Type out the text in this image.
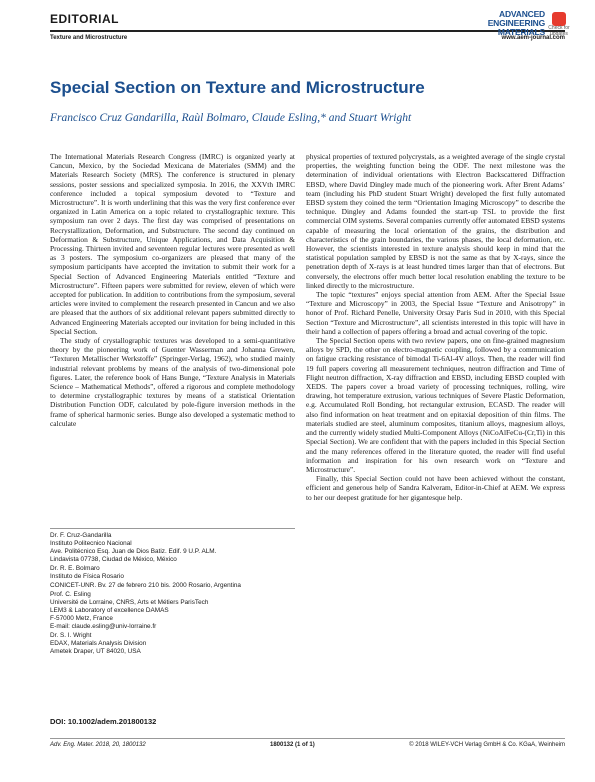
EDITORIAL
Texture and Microstructure	www.aem-journal.com
ADVANCED
ENGINEERING
MATERIALS Check for
updates
Special Section on Texture and Microstructure
Francisco Cruz Gandarilla, Raùl Bolmaro, Claude Esling,* and Stuart Wright

The International Materials Research Congress (IMRC) is organized yearly at Cancun, Mexico, by the Sociedad Mexicana de Materiales (SMM) and the Materials Research Society (MRS). The conference is structured in plenary sessions, poster sessions and specialized symposia. In 2016, the XXVth IMRC conference included a topical symposium devoted to “Texture and Microstructure”. It is worth underlining that this was the very first conference ever organized in Latin America on a topic related to crystallographic texture. This symposium ran over 2 days. The first day was comprised of presentations on Recrystallization, Deformation, and Substructure. The second day continued on Deformation & Substructure, Unique Applications, and Data Acquisition & Processing. Thirteen invited and seventeen regular lectures were presented as well as 3 posters. The symposium co-organizers are pleased that many of the symposium participants have accepted the invitation to submit their work for a Special Section of Advanced Engineering Materials entitled “Texture and Microstructure”. Fifteen papers were submitted for review, eleven of which were accepted for publication. In addition to contributions from the symposium, several articles were invited to complement the research presented in Cancun and we also are pleased that the authors of six additional relevant papers submitted directly to Advanced Engineering Materials accepted our invitation for being included in this Special Section.

The study of crystallographic textures was developed to a semi-quantitative theory by the pioneering work of Guenter Wasserman and Johanna Grewen, “Texturen Metallischer Werkstoffe” (Springer-Verlag, 1962), who studied mainly industrial relevant problems by means of the analysis of two-dimensional pole figures. Later, the reference book of Hans Bunge, “Texture Analysis in Materials Science – Mathematical Methods”, offered a rigorous and complete methodology to determine crystallographic textures by means of a statistical Orientation Distribution Function ODF, calculated by pole-figure inversion methods in the frame of spherical harmonic series. Bunge also developed a systematic method to calculate

physical properties of textured polycrystals, as a weighted average of the single crystal properties, the weighting function being the ODF. The next milestone was the determination of individual orientations with Electron Backscattered Diffraction EBSD, where David Dingley made much of the pioneering work. After Brent Adams’ team (including his PhD student Stuart Wright) developed the first fully automated EBSD system they coined the term “Orientation Imaging Microscopy” to describe the technique. Dingley and Adams founded the start-up TSL to provide the first commercial OIM systems. Several companies currently offer automated EBSD systems capable of measuring the local orientation of the grains, the distribution and characteristics of the grain boundaries, the various phases, the local deformation, etc. However, the scientists interested in texture analysis should keep in mind that the statistical population sampled by EBSD is not the same as that by X-rays, since the penetration depth of X-rays is at least hundred times larger than that of electrons. But conversely, the electrons offer much better local resolution enabling the texture to be linked directly to the microstructure.

The topic “textures” enjoys special attention from AEM. After the Special Issue “Texture and Microscopy” in 2003, the Special Issue “Texture and Anisotropy” in honor of Prof. Richard Penelle, University Orsay Paris Sud in 2010, with this Special Section “Texture and Microstructure”, all scientists interested in this topic will have in their hand a collection of papers offering a broad and actual covering of the topic.

The Special Section opens with two review papers, one on fine-grained magnesium alloys by SPD, the other on electro-magnetic coupling, followed by a communication on fatigue cracking resistance of bimodal Ti-6Al-4V alloys. Then, the reader will find 19 full papers covering all measurement techniques, neutron diffraction and Time of Flight neutron diffraction, X-ray diffraction and EBSD, including EBSD coupled with XEDS. The papers cover a broad variety of processing techniques, rolling, wire drawing, hot temperature extrusion, various techniques of Severe Plastic Deformation, e.g. Accumulated Roll Bonding, hot rectangular extrusion, ECASD. The reader will also find information on heat treatment and on epitaxial deposition of thin films. The materials studied are steel, aluminum composites, titanium alloys, magnesium alloys, and the currently widely studied Multi-Component Alloys (NiCoAlFeCu-(Cr,Ti) in this Special Section). We are confident that with the papers included in this Special Section and the many references offered in the literature quoted, the reader will find useful information and inspiration for his own research work on “Texture and Microstructure”.

Finally, this Special Section could not have been achieved without the constant, efficient and generous help of Sandra Kalveram, Editor-in-Chief at AEM. We express to her our deepest gratitude for her gigantesque help.

Dr. F. Cruz-Gandarilla
Instituto Politecnico Nacional
Ave. Politécnico Esq. Juan de Dios Batiz. Edif. 9 U.P. ALM.
Lindavista 07738, Ciudad de México, México
Dr. R. E. Bolmaro
Instituto de Física Rosario
CONICET-UNR. Bv. 27 de febrero 210 bis. 2000 Rosario, Argentina
Prof. C. Esling
Université de Lorraine, CNRS, Arts et Métiers ParisTech
LEM3 & Laboratory of excellence DAMAS
F-57000 Metz, France
E-mail: claude.esling@univ-lorraine.fr
Dr. S. I. Wright
EDAX, Materials Analysis Division
Ametek Draper, UT 84020, USA
DOI: 10.1002/adem.201800132
Adv. Eng. Mater. 2018, 20, 1800132	1800132 (1 of 1)	© 2018 WILEY-VCH Verlag GmbH & Co. KGaA, Weinheim
